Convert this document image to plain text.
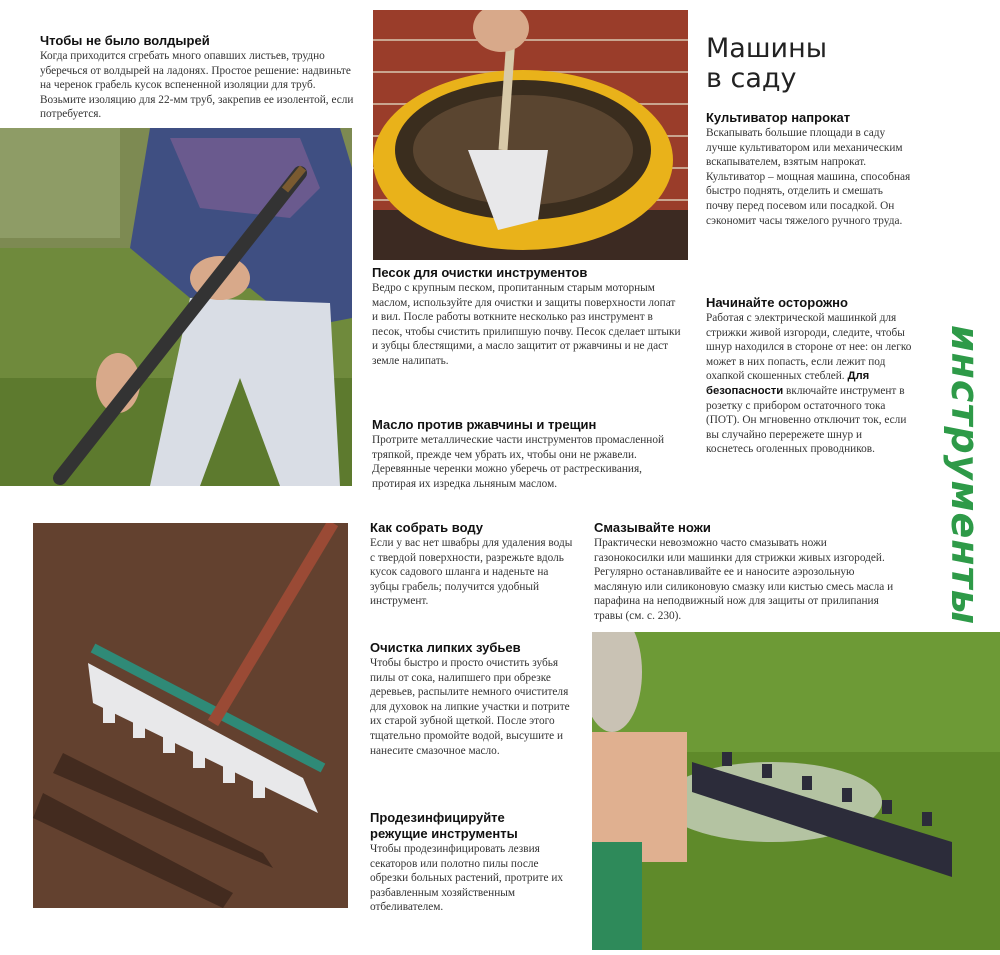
Машины
в саду
инструменты

Чтобы не было волдырей

Когда приходится сгребать много опавших листьев, трудно уберечься от волдырей на ладонях. Простое решение: надвиньте на черенок грабель кусок вспененной изоляции для труб. Возьмите изоляцию для 22-мм труб, закрепив ее изолентой, если потребуется.

Песок для очистки инструментов

Ведро с крупным песком, пропитанным старым моторным маслом, используйте для очистки и защиты поверхности лопат и вил. После работы воткните несколько раз инструмент в песок, чтобы счистить прилипшую почву. Песок сделает штыки и зубцы блестящими, а масло защитит от ржавчины и не даст земле налипать.

Масло против ржавчины и трещин

Протрите металлические части инструментов промасленной тряпкой, прежде чем убрать их, чтобы они не ржавели. Деревянные черенки можно уберечь от растрескивания, протирая их изредка льняным маслом.

Культиватор напрокат

Вскапывать большие площади в саду лучше культиватором или механическим вскапывателем, взятым напрокат. Культиватор – мощная машина, способная быстро поднять, отделить и смешать почву перед посевом или посадкой. Он сэкономит часы тяжелого ручного труда.

Начинайте осторожно

Работая с электрической машинкой для стрижки живой изгороди, следите, чтобы шнур находился в стороне от нее: он легко может в них попасть, если лежит под охапкой скошенных стеблей. Для безопасности включайте инструмент в розетку с прибором остаточного тока (ПОТ). Он мгновенно отключит ток, если вы случайно перережете шнур и коснетесь оголенных проводников.

Как собрать воду

Если у вас нет швабры для удаления воды с твердой поверхности, разрежьте вдоль кусок садового шланга и наденьте на зубцы грабель; получится удобный инструмент.

Смазывайте ножи

Практически невозможно часто смазывать ножи газонокосилки или машинки для стрижки живых изгородей. Регулярно останавливайте ее и наносите аэрозольную масляную или силиконовую смазку или кистью смесь масла и парафина на неподвижный нож для защиты от прилипания травы (см. с. 230).

Очистка липких зубьев

Чтобы быстро и просто очистить зубья пилы от сока, налипшего при обрезке деревьев, распылите немного очистителя для духовок на липкие участки и потрите их старой зубной щеткой. После этого тщательно промойте водой, высушите и нанесите смазочное масло.

Продезинфицируйте

режущие инструменты

Чтобы продезинфицировать лезвия секаторов или полотно пилы после обрезки больных растений, протрите их разбавленным хозяйственным отбеливателем.
